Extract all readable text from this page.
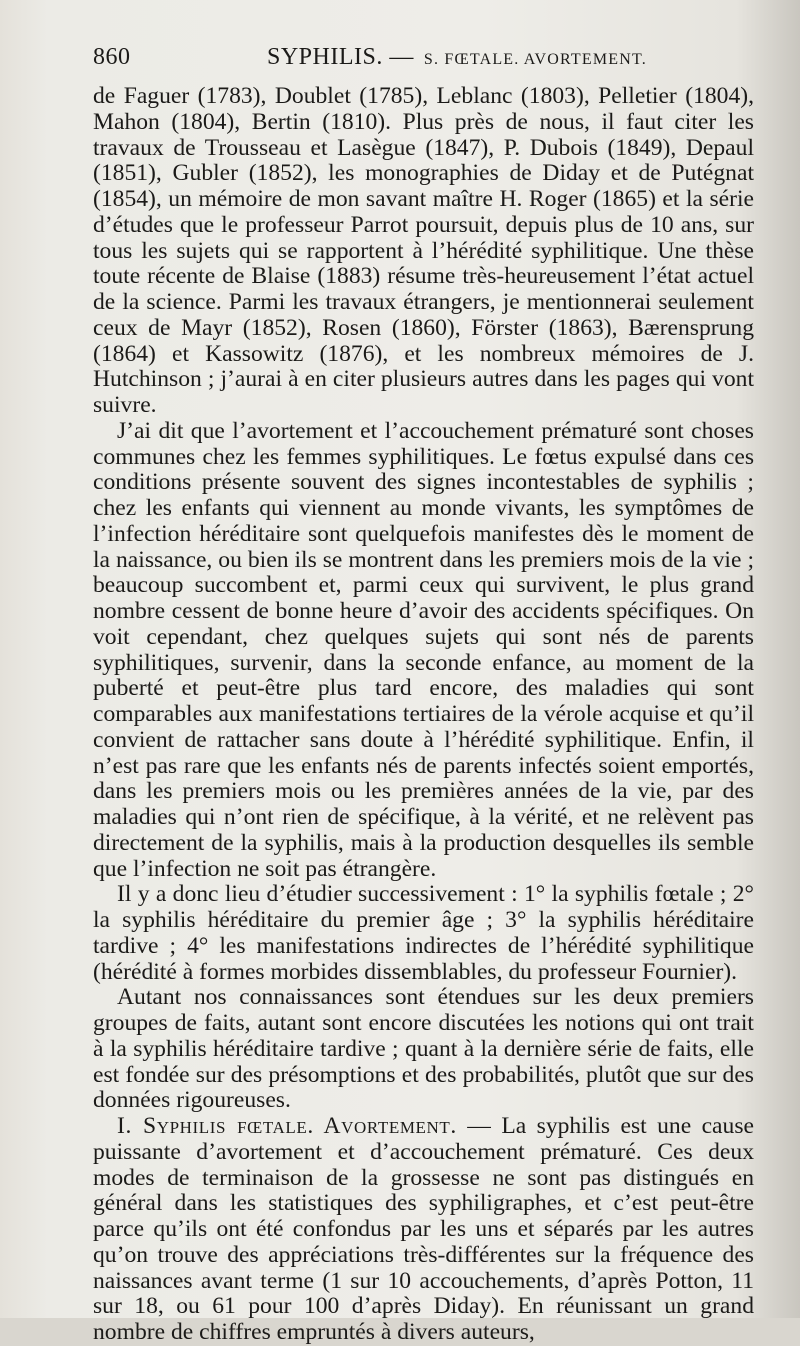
860	SYPHILIS. — S. FŒTALE. AVORTEMENT.

de Faguer (1783), Doublet (1785), Leblanc (1803), Pelletier (1804), Mahon (1804), Bertin (1810). Plus près de nous, il faut citer les travaux de Trousseau et Lasègue (1847), P. Dubois (1849), Depaul (1851), Gubler (1852), les monographies de Diday et de Putégnat (1854), un mémoire de mon savant maître H. Roger (1865) et la série d’études que le professeur Parrot poursuit, depuis plus de 10 ans, sur tous les sujets qui se rapportent à l’hérédité syphilitique. Une thèse toute récente de Blaise (1883) résume très-heureusement l’état actuel de la science. Parmi les travaux étrangers, je mentionnerai seulement ceux de Mayr (1852), Rosen (1860), Förster (1863), Bærensprung (1864) et Kassowitz (1876), et les nombreux mémoires de J. Hutchinson ; j’aurai à en citer plusieurs autres dans les pages qui vont suivre.

J’ai dit que l’avortement et l’accouchement prématuré sont choses communes chez les femmes syphilitiques. Le fœtus expulsé dans ces conditions présente souvent des signes incontestables de syphilis ; chez les enfants qui viennent au monde vivants, les symptômes de l’infection héréditaire sont quelquefois manifestes dès le moment de la naissance, ou bien ils se montrent dans les premiers mois de la vie ; beaucoup succombent et, parmi ceux qui survivent, le plus grand nombre cessent de bonne heure d’avoir des accidents spécifiques. On voit cependant, chez quelques sujets qui sont nés de parents syphilitiques, survenir, dans la seconde enfance, au moment de la puberté et peut-être plus tard encore, des maladies qui sont comparables aux manifestations tertiaires de la vérole acquise et qu’il convient de rattacher sans doute à l’hérédité syphilitique. Enfin, il n’est pas rare que les enfants nés de parents infectés soient emportés, dans les premiers mois ou les premières années de la vie, par des maladies qui n’ont rien de spécifique, à la vérité, et ne relèvent pas directement de la syphilis, mais à la production desquelles ils semble que l’infection ne soit pas étrangère.

Il y a donc lieu d’étudier successivement : 1° la syphilis fœtale ; 2° la syphilis héréditaire du premier âge ; 3° la syphilis héréditaire tardive ; 4° les manifestations indirectes de l’hérédité syphilitique (hérédité à formes morbides dissemblables, du professeur Fournier).

Autant nos connaissances sont étendues sur les deux premiers groupes de faits, autant sont encore discutées les notions qui ont trait à la syphilis héréditaire tardive ; quant à la dernière série de faits, elle est fondée sur des présomptions et des probabilités, plutôt que sur des données rigoureuses.

I. Syphilis fœtale. Avortement. — La syphilis est une cause puissante d’avortement et d’accouchement prématuré. Ces deux modes de terminaison de la grossesse ne sont pas distingués en général dans les statistiques des syphiligraphes, et c’est peut-être parce qu’ils ont été confondus par les uns et séparés par les autres qu’on trouve des appréciations très-différentes sur la fréquence des naissances avant terme (1 sur 10 accouchements, d’après Potton, 11 sur 18, ou 61 pour 100 d’après Diday). En réunissant un grand nombre de chiffres empruntés à divers auteurs,
